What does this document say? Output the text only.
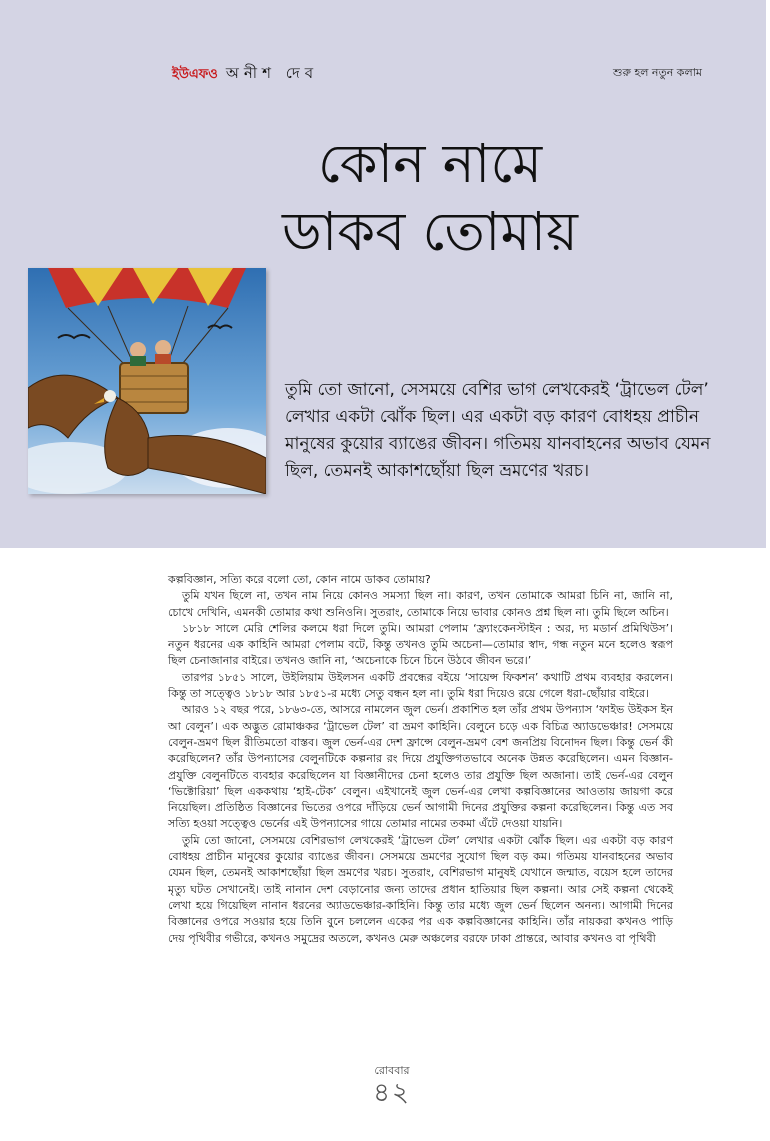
ইউএফও অনীশ দেব	শুরু হল নতুন কলাম
কোন নামে
ডাকব তোমায়
তুমি তো জানো, সেসময়ে বেশির ভাগ লেখকেরই ‘ট্রাভেল টেল’ লেখার একটা ঝোঁক ছিল। এর একটা বড় কারণ বোধহয় প্রাচীন মানুষের কুয়োর ব্যাঙের জীবন। গতিময় যানবাহনের অভাব যেমন ছিল, তেমনই আকাশছোঁয়া ছিল ভ্রমণের খরচ।

কল্পবিজ্ঞান, সত্যি করে বলো তো, কোন নামে ডাকব তোমায়?

তুমি যখন ছিলে না, তখন নাম নিয়ে কোনও সমস্যা ছিল না। কারণ, তখন তোমাকে আমরা চিনি না, জানি না, চোখে দেখিনি, এমনকী তোমার কথা শুনিওনি। সুতরাং, তোমাকে নিয়ে ভাবার কোনও প্রশ্ন ছিল না। তুমি ছিলে অচিন।

১৮১৮ সালে মেরি শেলির কলমে ধরা দিলে তুমি। আমরা পেলাম ‘ফ্র্যাংকেনস্টাইন : অর, দ্য মডার্ন প্রমিথিউস’। নতুন ধরনের এক কাহিনি আমরা পেলাম বটে, কিন্তু তখনও তুমি অচেনা—তোমার স্বাদ, গন্ধ নতুন মনে হলেও স্বরূপ ছিল চেনাজানার বাইরে। তখনও জানি না, ‘অচেনাকে চিনে চিনে উঠবে জীবন ভরে।’

তারপর ১৮৫১ সালে, উইলিয়াম উইলসন একটি প্রবন্ধের বইয়ে ‘সায়েন্স ফিকশন’ কথাটি প্রথম ব্যবহার করলেন। কিন্তু তা সত্ত্বেও ১৮১৮ আর ১৮৫১-র মধ্যে সেতু বন্ধন হল না। তুমি ধরা দিয়েও রয়ে গেলে ধরা-ছোঁয়ার বাইরে।

আরও ১২ বছর পরে, ১৮৬৩-তে, আসরে নামলেন জুল ভের্ন। প্রকাশিত হল তাঁর প্রথম উপন্যাস ‘ফাইভ উইকস ইন আ বেলুন’। এক অদ্ভুত রোমাঞ্চকর ‘ট্রাভেল টেল’ বা ভ্রমণ কাহিনি। বেলুনে চড়ে এক বিচিত্র অ্যাডভেঞ্চার! সেসময়ে বেলুন-ভ্রমণ ছিল রীতিমতো বাস্তব। জুল ভের্ন-এর দেশ ফ্রান্সে বেলুন-ভ্রমণ বেশ জনপ্রিয় বিনোদন ছিল। কিন্তু ভের্ন কী করেছিলেন? তাঁর উপন্যাসের বেলুনটিকে কল্পনার রং দিয়ে প্রযুক্তিগতভাবে অনেক উন্নত করেছিলেন। এমন বিজ্ঞান-প্রযুক্তি বেলুনটিতে ব্যবহার করেছিলেন যা বিজ্ঞানীদের চেনা হলেও তার প্রযুক্তি ছিল অজানা। তাই ভের্ন-এর বেলুন ‘ভিক্টোরিয়া’ ছিল এককথায় ‘হাই-টেক’ বেলুন। এইখানেই জুল ভের্ন-এর লেখা কল্পবিজ্ঞানের আওতায় জায়গা করে নিয়েছিল। প্রতিষ্ঠিত বিজ্ঞানের ভিতের ওপরে দাঁড়িয়ে ভের্ন আগামী দিনের প্রযুক্তির কল্পনা করেছিলেন। কিন্তু এত সব সত্যি হওয়া সত্ত্বেও ভের্নের এই উপন্যাসের গায়ে তোমার নামের তকমা এঁটে দেওয়া যায়নি।

তুমি তো জানো, সেসময়ে বেশিরভাগ লেখকেরই ‘ট্রাভেল টেল’ লেখার একটা ঝোঁক ছিল। এর একটা বড় কারণ বোধহয় প্রাচীন মানুষের কুয়োর ব্যাঙের জীবন। সেসময়ে ভ্রমণের সুযোগ ছিল বড় কম। গতিময় যানবাহনের অভাব যেমন ছিল, তেমনই আকাশছোঁয়া ছিল ভ্রমণের খরচ। সুতরাং, বেশিরভাগ মানুষই যেখানে জন্মাত, বয়েস হলে তাদের মৃত্যু ঘটত সেখানেই। তাই নানান দেশ বেড়ানোর জন্য তাদের প্রধান হাতিয়ার ছিল কল্পনা। আর সেই কল্পনা থেকেই লেখা হয়ে গিয়েছিল নানান ধরনের অ্যাডভেঞ্চার-কাহিনি। কিন্তু তার মধ্যে জুল ভের্ন ছিলেন অনন্য। আগামী দিনের বিজ্ঞানের ওপরে সওয়ার হয়ে তিনি বুনে চললেন একের পর এক কল্পবিজ্ঞানের কাহিনি। তাঁর নায়করা কখনও পাড়ি দেয় পৃথিবীর গভীরে, কখনও সমুদ্রের অতলে, কখনও মেরু অঞ্চলের বরফে ঢাকা প্রান্তরে, আবার কখনও বা পৃথিবী

রোববার
৪২
